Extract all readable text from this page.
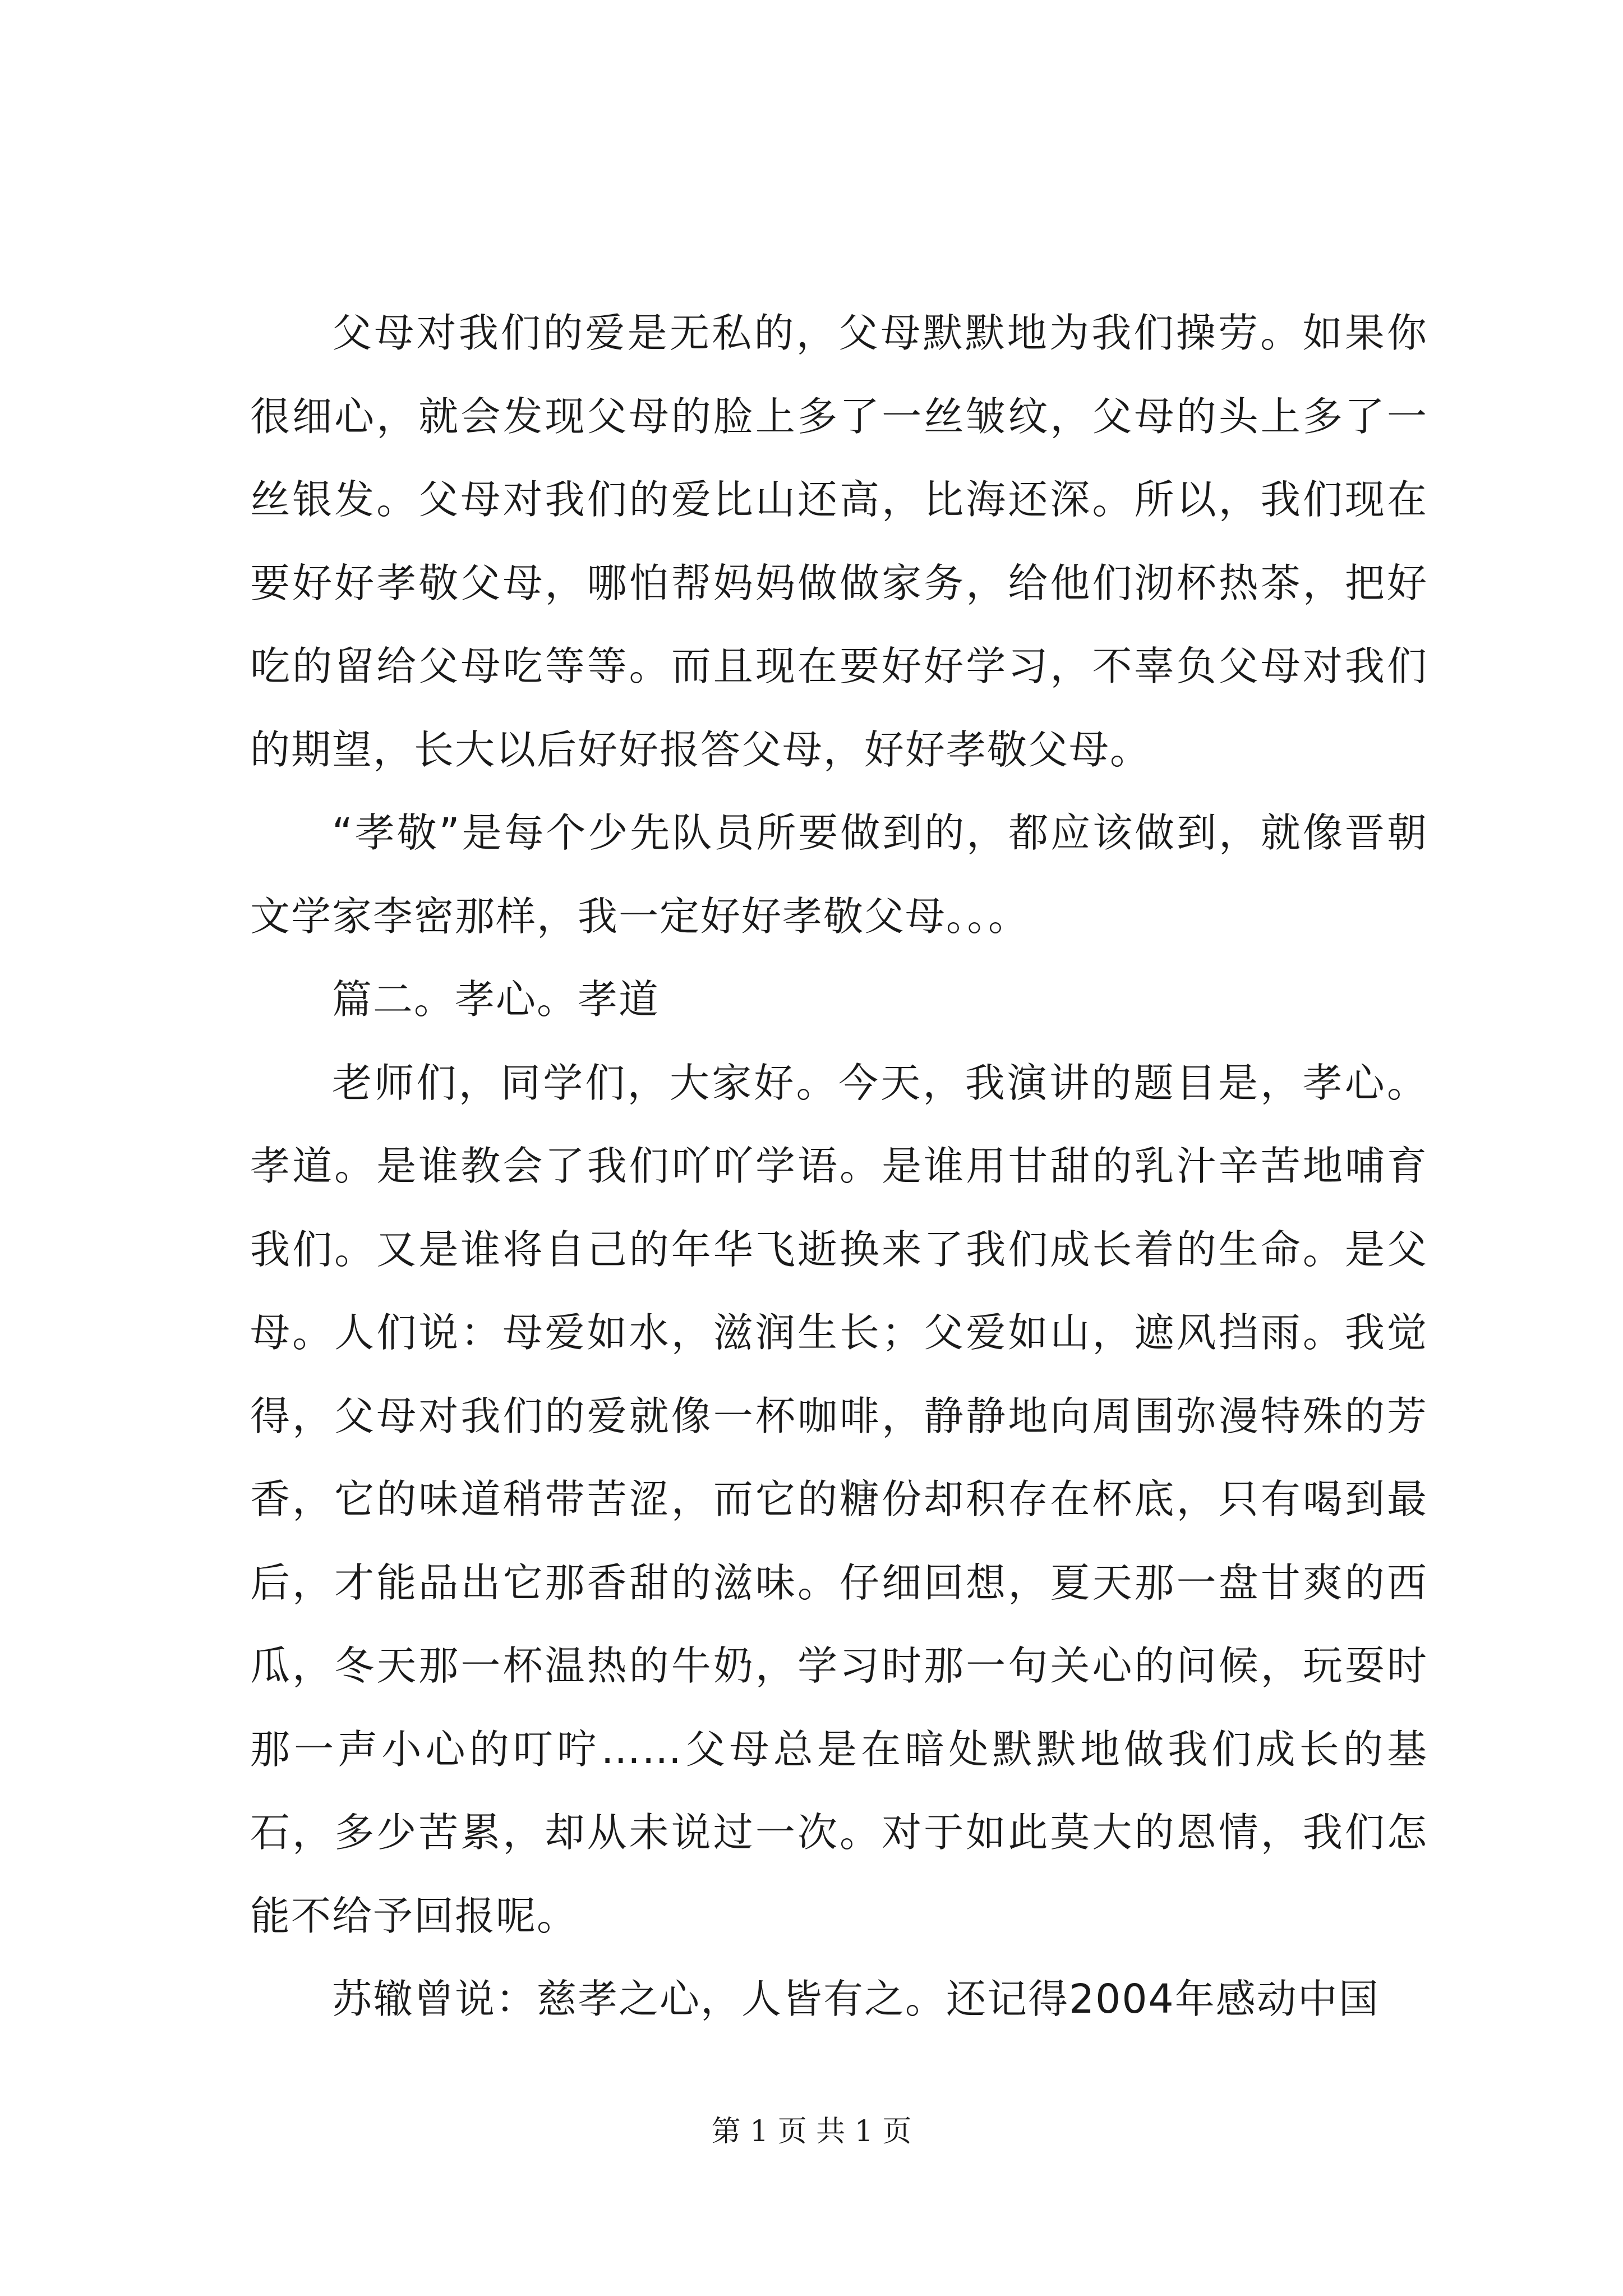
父母对我们的爱是无私的，父母默默地为我们操劳。如果你很细心，就会发现父母的脸上多了一丝皱纹，父母的头上多了一丝银发。父母对我们的爱比山还高，比海还深。所以，我们现在要好好孝敬父母，哪怕帮妈妈做做家务，给他们沏杯热茶，把好吃的留给父母吃等等。而且现在要好好学习，不辜负父母对我们的期望，长大以后好好报答父母，好好孝敬父母。

“孝敬”是每个少先队员所要做到的，都应该做到，就像晋朝文学家李密那样，我一定好好孝敬父母。。。

篇二。孝心。孝道

老师们，同学们，大家好。今天，我演讲的题目是，孝心。孝道。是谁教会了我们吖吖学语。是谁用甘甜的乳汁辛苦地哺育我们。又是谁将自己的年华飞逝换来了我们成长着的生命。是父母。人们说：母爱如水，滋润生长；父爱如山，遮风挡雨。我觉得，父母对我们的爱就像一杯咖啡，静静地向周围弥漫特殊的芳香，它的味道稍带苦涩，而它的糖份却积存在杯底，只有喝到最后，才能品出它那香甜的滋味。仔细回想，夏天那一盘甘爽的西瓜，冬天那一杯温热的牛奶，学习时那一句关心的问候，玩耍时那一声小心的叮咛……父母总是在暗处默默地做我们成长的基石，多少苦累，却从未说过一次。对于如此莫大的恩情，我们怎能不给予回报呢。

苏辙曾说：慈孝之心，人皆有之。还记得2004年感动中国

第 1 页 共 1 页
